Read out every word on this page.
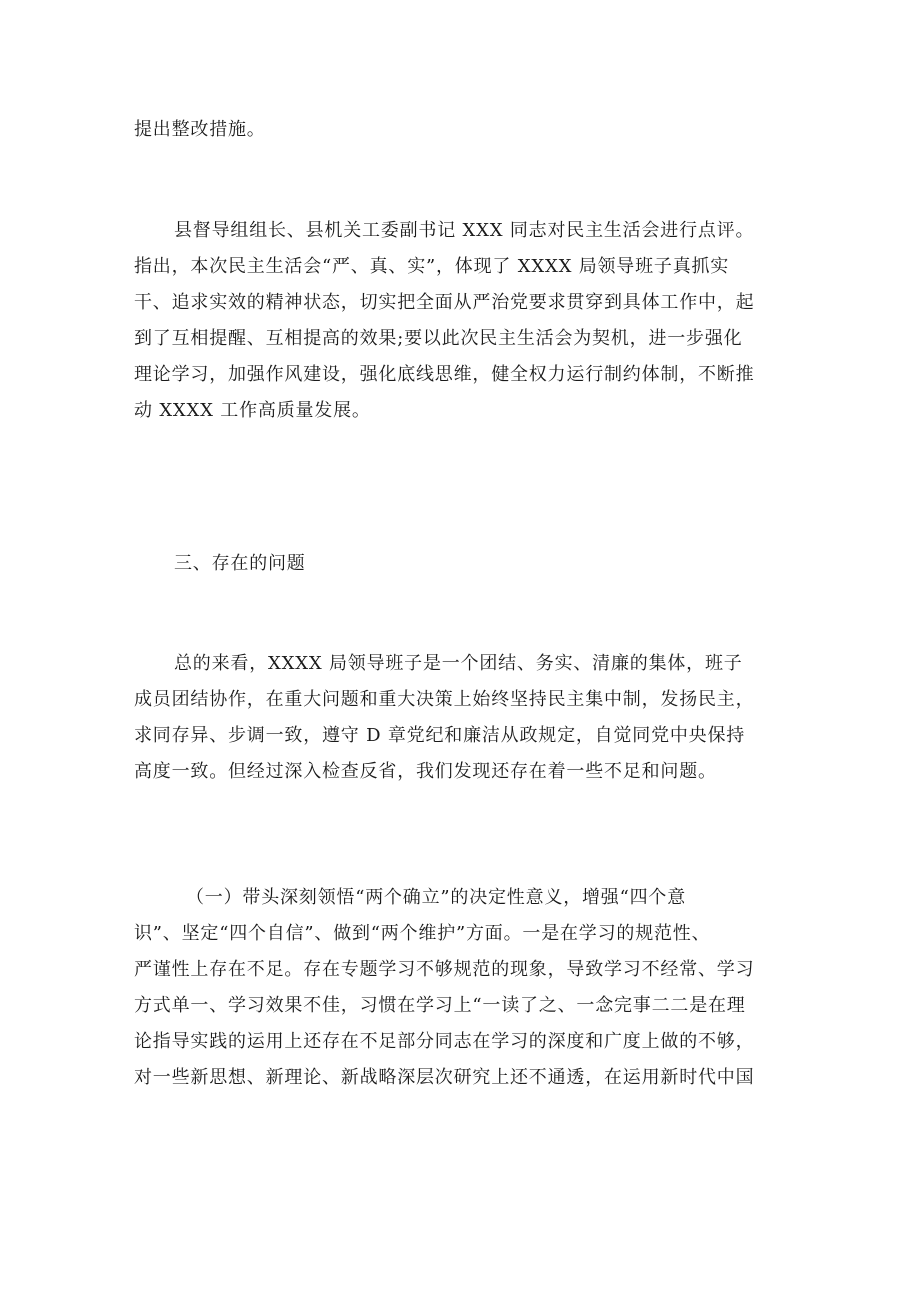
提出整改措施。

县督导组组长、县机关工委副书记 XXX 同志对民主生活会进行点评。
指出，本次民主生活会“严、真、实”，体现了 XXXX 局领导班子真抓实
干、追求实效的精神状态，切实把全面从严治党要求贯穿到具体工作中，起
到了互相提醒、互相提高的效果;要以此次民主生活会为契机，进一步强化
理论学习，加强作风建设，强化底线思维，健全权力运行制约体制，不断推
动 XXXX 工作高质量发展。

三、存在的问题

总的来看，XXXX 局领导班子是一个团结、务实、清廉的集体，班子
成员团结协作，在重大问题和重大决策上始终坚持民主集中制，发扬民主，
求同存异、步调一致，遵守 D 章党纪和廉洁从政规定，自觉同党中央保持
高度一致。但经过深入检查反省，我们发现还存在着一些不足和问题。

（一）带头深刻领悟“两个确立”的决定性意义，增强“四个意
识”、坚定“四个自信”、做到“两个维护”方面。一是在学习的规范性、
严谨性上存在不足。存在专题学习不够规范的现象，导致学习不经常、学习
方式单一、学习效果不佳，习惯在学习上“一读了之、一念完事二二是在理
论指导实践的运用上还存在不足部分同志在学习的深度和广度上做的不够，
对一些新思想、新理论、新战略深层次研究上还不通透，在运用新时代中国
